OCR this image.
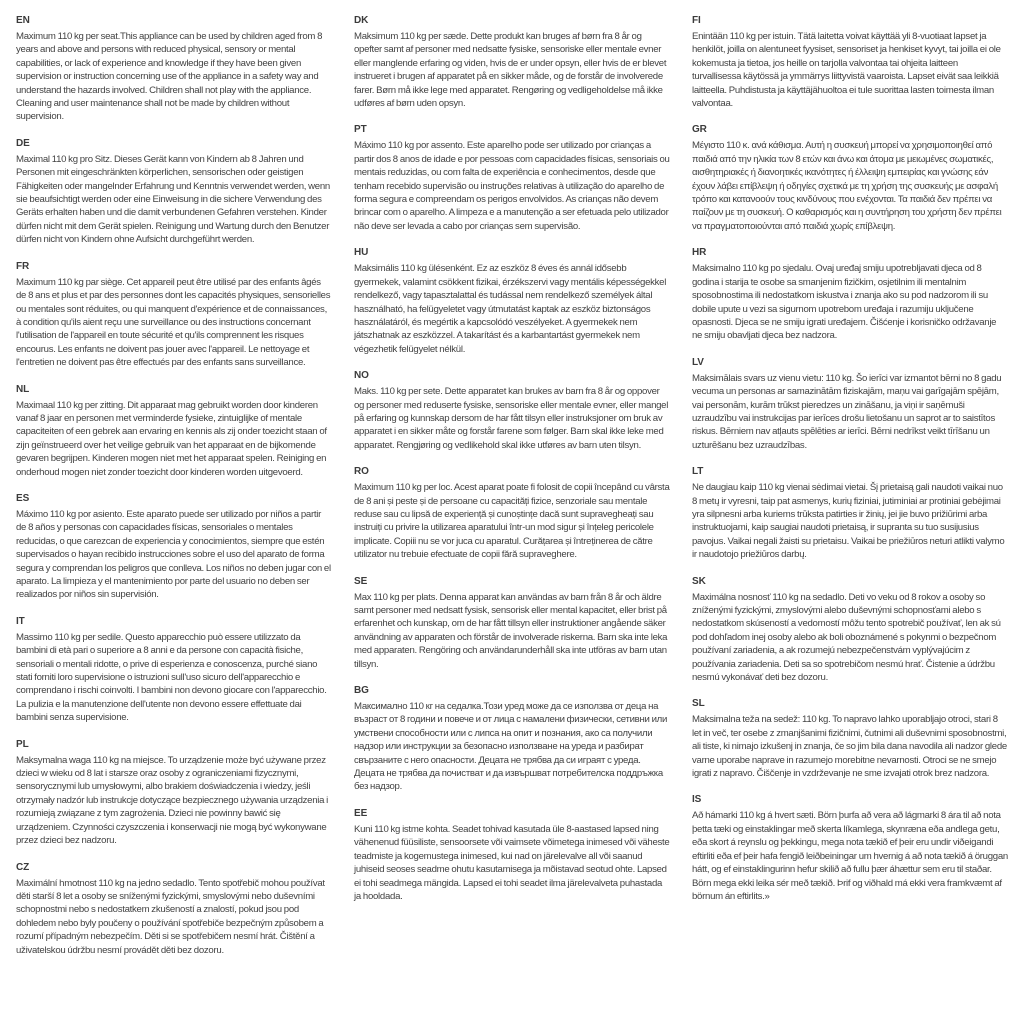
EN

Maximum 110 kg per seat.This appliance can be used by children aged from 8 years and above and persons with reduced physical, sensory or mental capabilities, or lack of experience and knowledge if they have been given supervision or instruction concerning use of the appliance in a safety way and understand the hazards involved. Children shall not play with the appliance. Cleaning and user maintenance shall not be made by children without supervision.

DE

Maximal 110 kg pro Sitz. Dieses Gerät kann von Kindern ab 8 Jahren und Personen mit eingeschränkten körperlichen, sensorischen oder geistigen Fähigkeiten oder mangelnder Erfahrung und Kenntnis verwendet werden, wenn sie beaufsichtigt werden oder eine Einweisung in die sichere Verwendung des Geräts erhalten haben und die damit verbundenen Gefahren verstehen. Kinder dürfen nicht mit dem Gerät spielen. Reinigung und Wartung durch den Benutzer dürfen nicht von Kindern ohne Aufsicht durchgeführt werden.

FR

Maximum 110 kg par siège. Cet appareil peut être utilisé par des enfants âgés de 8 ans et plus et par des personnes dont les capacités physiques, sensorielles ou mentales sont réduites, ou qui manquent d'expérience et de connaissances, à condition qu'ils aient reçu une surveillance ou des instructions concernant l'utilisation de l'appareil en toute sécurité et qu'ils comprennent les risques encourus. Les enfants ne doivent pas jouer avec l'appareil. Le nettoyage et l'entretien ne doivent pas être effectués par des enfants sans surveillance.

NL

Maximaal 110 kg per zitting. Dit apparaat mag gebruikt worden door kinderen vanaf 8 jaar en personen met verminderde fysieke, zintuiglijke of mentale capaciteiten of een gebrek aan ervaring en kennis als zij onder toezicht staan of zijn geïnstrueerd over het veilige gebruik van het apparaat en de bijkomende gevaren begrijpen. Kinderen mogen niet met het apparaat spelen. Reiniging en onderhoud mogen niet zonder toezicht door kinderen worden uitgevoerd.

ES

Máximo 110 kg por asiento. Este aparato puede ser utilizado por niños a partir de 8 años y personas con capacidades físicas, sensoriales o mentales reducidas, o que carezcan de experiencia y conocimientos, siempre que estén supervisados o hayan recibido instrucciones sobre el uso del aparato de forma segura y comprendan los peligros que conlleva. Los niños no deben jugar con el aparato. La limpieza y el mantenimiento por parte del usuario no deben ser realizados por niños sin supervisión.

IT

Massimo 110 kg per sedile. Questo apparecchio può essere utilizzato da bambini di età pari o superiore a 8 anni e da persone con capacità fisiche, sensoriali o mentali ridotte, o prive di esperienza e conoscenza, purché siano stati forniti loro supervisione o istruzioni sull'uso sicuro dell'apparecchio e comprendano i rischi coinvolti. I bambini non devono giocare con l'apparecchio. La pulizia e la manutenzione dell'utente non devono essere effettuate dai bambini senza supervisione.

PL

Maksymalna waga 110 kg na miejsce. To urządzenie może być używane przez dzieci w wieku od 8 lat i starsze oraz osoby z ograniczeniami fizycznymi, sensorycznymi lub umysłowymi, albo brakiem doświadczenia i wiedzy, jeśli otrzymały nadzór lub instrukcje dotyczące bezpiecznego używania urządzenia i rozumieją związane z tym zagrożenia. Dzieci nie powinny bawić się urządzeniem. Czynności czyszczenia i konserwacji nie mogą być wykonywane przez dzieci bez nadzoru.

CZ

Maximální hmotnost 110 kg na jedno sedadlo. Tento spotřebič mohou používat děti starší 8 let a osoby se sníženými fyzickými, smyslovými nebo duševními schopnostmi nebo s nedostatkem zkušeností a znalostí, pokud jsou pod dohledem nebo byly poučeny o používání spotřebiče bezpečným způsobem a rozumí případným nebezpečím. Děti si se spotřebičem nesmí hrát. Čištění a uživatelskou údržbu nesmí provádět děti bez dozoru.

DK

Maksimum 110 kg per sæde. Dette produkt kan bruges af børn fra 8 år og opefter samt af personer med nedsatte fysiske, sensoriske eller mentale evner eller manglende erfaring og viden, hvis de er under opsyn, eller hvis de er blevet instrueret i brugen af apparatet på en sikker måde, og de forstår de involverede farer. Børn må ikke lege med apparatet. Rengøring og vedligeholdelse må ikke udføres af børn uden opsyn.

PT

Máximo 110 kg por assento. Este aparelho pode ser utilizado por crianças a partir dos 8 anos de idade e por pessoas com capacidades físicas, sensoriais ou mentais reduzidas, ou com falta de experiência e conhecimentos, desde que tenham recebido supervisão ou instruções relativas à utilização do aparelho de forma segura e compreendam os perigos envolvidos. As crianças não devem brincar com o aparelho. A limpeza e a manutenção a ser efetuada pelo utilizador não deve ser levada a cabo por crianças sem supervisão.

HU

Maksimális 110 kg ülésenként. Ez az eszköz 8 éves és annál idősebb gyermekek, valamint csökkent fizikai, érzékszervi vagy mentális képességekkel rendelkező, vagy tapasztalattal és tudással nem rendelkező személyek által használható, ha felügyeletet vagy útmutatást kaptak az eszköz biztonságos használatáról, és megértik a kapcsolódó veszélyeket. A gyermekek nem játszhatnak az eszközzel. A takarítást és a karbantartást gyermekek nem végezhetik felügyelet nélkül.

NO

Maks. 110 kg per sete. Dette apparatet kan brukes av barn fra 8 år og oppover og personer med reduserte fysiske, sensoriske eller mentale evner, eller mangel på erfaring og kunnskap dersom de har fått tilsyn eller instruksjoner om bruk av apparatet i en sikker måte og forstår farene som følger. Barn skal ikke leke med apparatet. Rengjøring og vedlikehold skal ikke utføres av barn uten tilsyn.

RO

Maximum 110 kg per loc. Acest aparat poate fi folosit de copii începând cu vârsta de 8 ani și peste și de persoane cu capacități fizice, senzoriale sau mentale reduse sau cu lipsă de experiență și cunoștințe dacă sunt supravegheați sau instruiți cu privire la utilizarea aparatului într-un mod sigur și înțeleg pericolele implicate. Copiii nu se vor juca cu aparatul. Curățarea și întreținerea de către utilizator nu trebuie efectuate de copii fără supraveghere.

SE

Max 110 kg per plats. Denna apparat kan användas av barn från 8 år och äldre samt personer med nedsatt fysisk, sensorisk eller mental kapacitet, eller brist på erfarenhet och kunskap, om de har fått tillsyn eller instruktioner angående säker användning av apparaten och förstår de involverade riskerna. Barn ska inte leka med apparaten. Rengöring och användarunderhåll ska inte utföras av barn utan tillsyn.

BG

Максимално 110 кг на седалка.Този уред може да се използва от деца на възраст от 8 години и повече и от лица с намалени физически, сетивни или умствени способности или с липса на опит и познания, ако са получили надзор или инструкции за безопасно използване на уреда и разбират свързаните с него опасности. Децата не трябва да си играят с уреда. Децата не трябва да почистват и да извършват потребителска поддръжка без надзор.

EE

Kuni 110 kg istme kohta. Seadet tohivad kasutada üle 8-aastased lapsed ning vähenenud füüsiliste, sensoorsete või vaimsete võimetega inimesed või väheste teadmiste ja kogemustega inimesed, kui nad on järelevalve all või saanud juhiseid seoses seadme ohutu kasutamisega ja mõistavad seotud ohte. Lapsed ei tohi seadmega mängida. Lapsed ei tohi seadet ilma järelevalveta puhastada ja hooldada.

FI

Enintään 110 kg per istuin. Tätä laitetta voivat käyttää yli 8-vuotiaat lapset ja henkilöt, joilla on alentuneet fyysiset, sensoriset ja henkiset kyvyt, tai joilla ei ole kokemusta ja tietoa, jos heille on tarjolla valvontaa tai ohjeita laitteen turvallisessa käytössä ja ymmärrys liittyvistä vaaroista. Lapset eivät saa leikkiä laitteella. Puhdistusta ja käyttäjähuoltoa ei tule suorittaa lasten toimesta ilman valvontaa.

GR

Μέγιστο 110 κ. ανά κάθισμα. Αυτή η συσκευή μπορεί να χρησιμοποιηθεί από παιδιά από την ηλικία των 8 ετών και άνω και άτομα με μειωμένες σωματικές, αισθητηριακές ή διανοητικές ικανότητες ή έλλειψη εμπειρίας και γνώσης εάν έχουν λάβει επίβλεψη ή οδηγίες σχετικά με τη χρήση της συσκευής με ασφαλή τρόπο και κατανοούν τους κινδύνους που ενέχονται. Τα παιδιά δεν πρέπει να παίζουν με τη συσκευή. Ο καθαρισμός και η συντήρηση του χρήστη δεν πρέπει να πραγματοποιούνται από παιδιά χωρίς επίβλεψη.

HR

Maksimalno 110 kg po sjedalu. Ovaj uređaj smiju upotrebljavati djeca od 8 godina i starija te osobe sa smanjenim fizičkim, osjetilnim ili mentalnim sposobnostima ili nedostatkom iskustva i znanja ako su pod nadzorom ili su dobile upute u vezi sa sigurnom upotrebom uređaja i razumiju uključene opasnosti. Djeca se ne smiju igrati uređajem. Čišćenje i korisničko održavanje ne smiju obavljati djeca bez nadzora.

LV

Maksimālais svars uz vienu vietu: 110 kg. Šo ierīci var izmantot bērni no 8 gadu vecuma un personas ar samazinātām fiziskajām, maņu vai garīgajām spējām, vai personām, kurām trūkst pieredzes un zināšanu, ja viņi ir saņēmuši uzraudzību vai instrukcijas par ierīces drošu lietošanu un saprot ar to saistītos riskus. Bērniem nav atļauts spēlēties ar ierīci. Bērni nedrīkst veikt tīrīšanu un uzturēšanu bez uzraudzības.

LT

Ne daugiau kaip 110 kg vienai sėdimai vietai. Šį prietaisą gali naudoti vaikai nuo 8 metų ir vyresni, taip pat asmenys, kurių fiziniai, jutiminiai ar protiniai gebėjimai yra silpnesni arba kuriems trūksta patirties ir žinių, jei jie buvo prižiūrimi arba instruktuojami, kaip saugiai naudoti prietaisą, ir supranta su tuo susijusius pavojus. Vaikai negali žaisti su prietaisu. Vaikai be priežiūros neturi atlikti valymo ir naudotojo priežiūros darbų.

SK

Maximálna nosnosť 110 kg na sedadlo. Deti vo veku od 8 rokov a osoby so zníženými fyzickými, zmyslovými alebo duševnými schopnosťami alebo s nedostatkom skúseností a vedomostí môžu tento spotrebič používať, len ak sú pod dohľadom inej osoby alebo ak boli oboznámené s pokynmi o bezpečnom používaní zariadenia, a ak rozumejú nebezpečenstvám vyplývajúcim z používania zariadenia. Deti sa so spotrebičom nesmú hrať. Čistenie a údržbu nesmú vykonávať deti bez dozoru.

SL

Maksimalna teža na sedež: 110 kg. To napravo lahko uporabljajo otroci, stari 8 let in več, ter osebe z zmanjšanimi fizičnimi, čutnimi ali duševnimi sposobnostmi, ali tiste, ki nimajo izkušenj in znanja, če so jim bila dana navodila ali nadzor glede varne uporabe naprave in razumejo morebitne nevarnosti. Otroci se ne smejo igrati z napravo. Čiščenje in vzdrževanje ne sme izvajati otrok brez nadzora.

IS

Að hámarki 110 kg á hvert sæti. Börn þurfa að vera að lágmarki 8 ára til að nota þetta tæki og einstaklingar með skerta líkamlega, skynræna eða andlega getu, eða skort á reynslu og þekkingu, mega nota tækið ef þeir eru undir viðeigandi eftirliti eða ef þeir hafa fengið leiðbeiningar um hvernig á að nota tækið á öruggan hátt, og ef einstaklingurinn hefur skilið að fullu þær áhættur sem eru til staðar. Börn mega ekki leika sér með tækið. Þrif og viðhald má ekki vera framkvæmt af börnum án eftirlits.»
